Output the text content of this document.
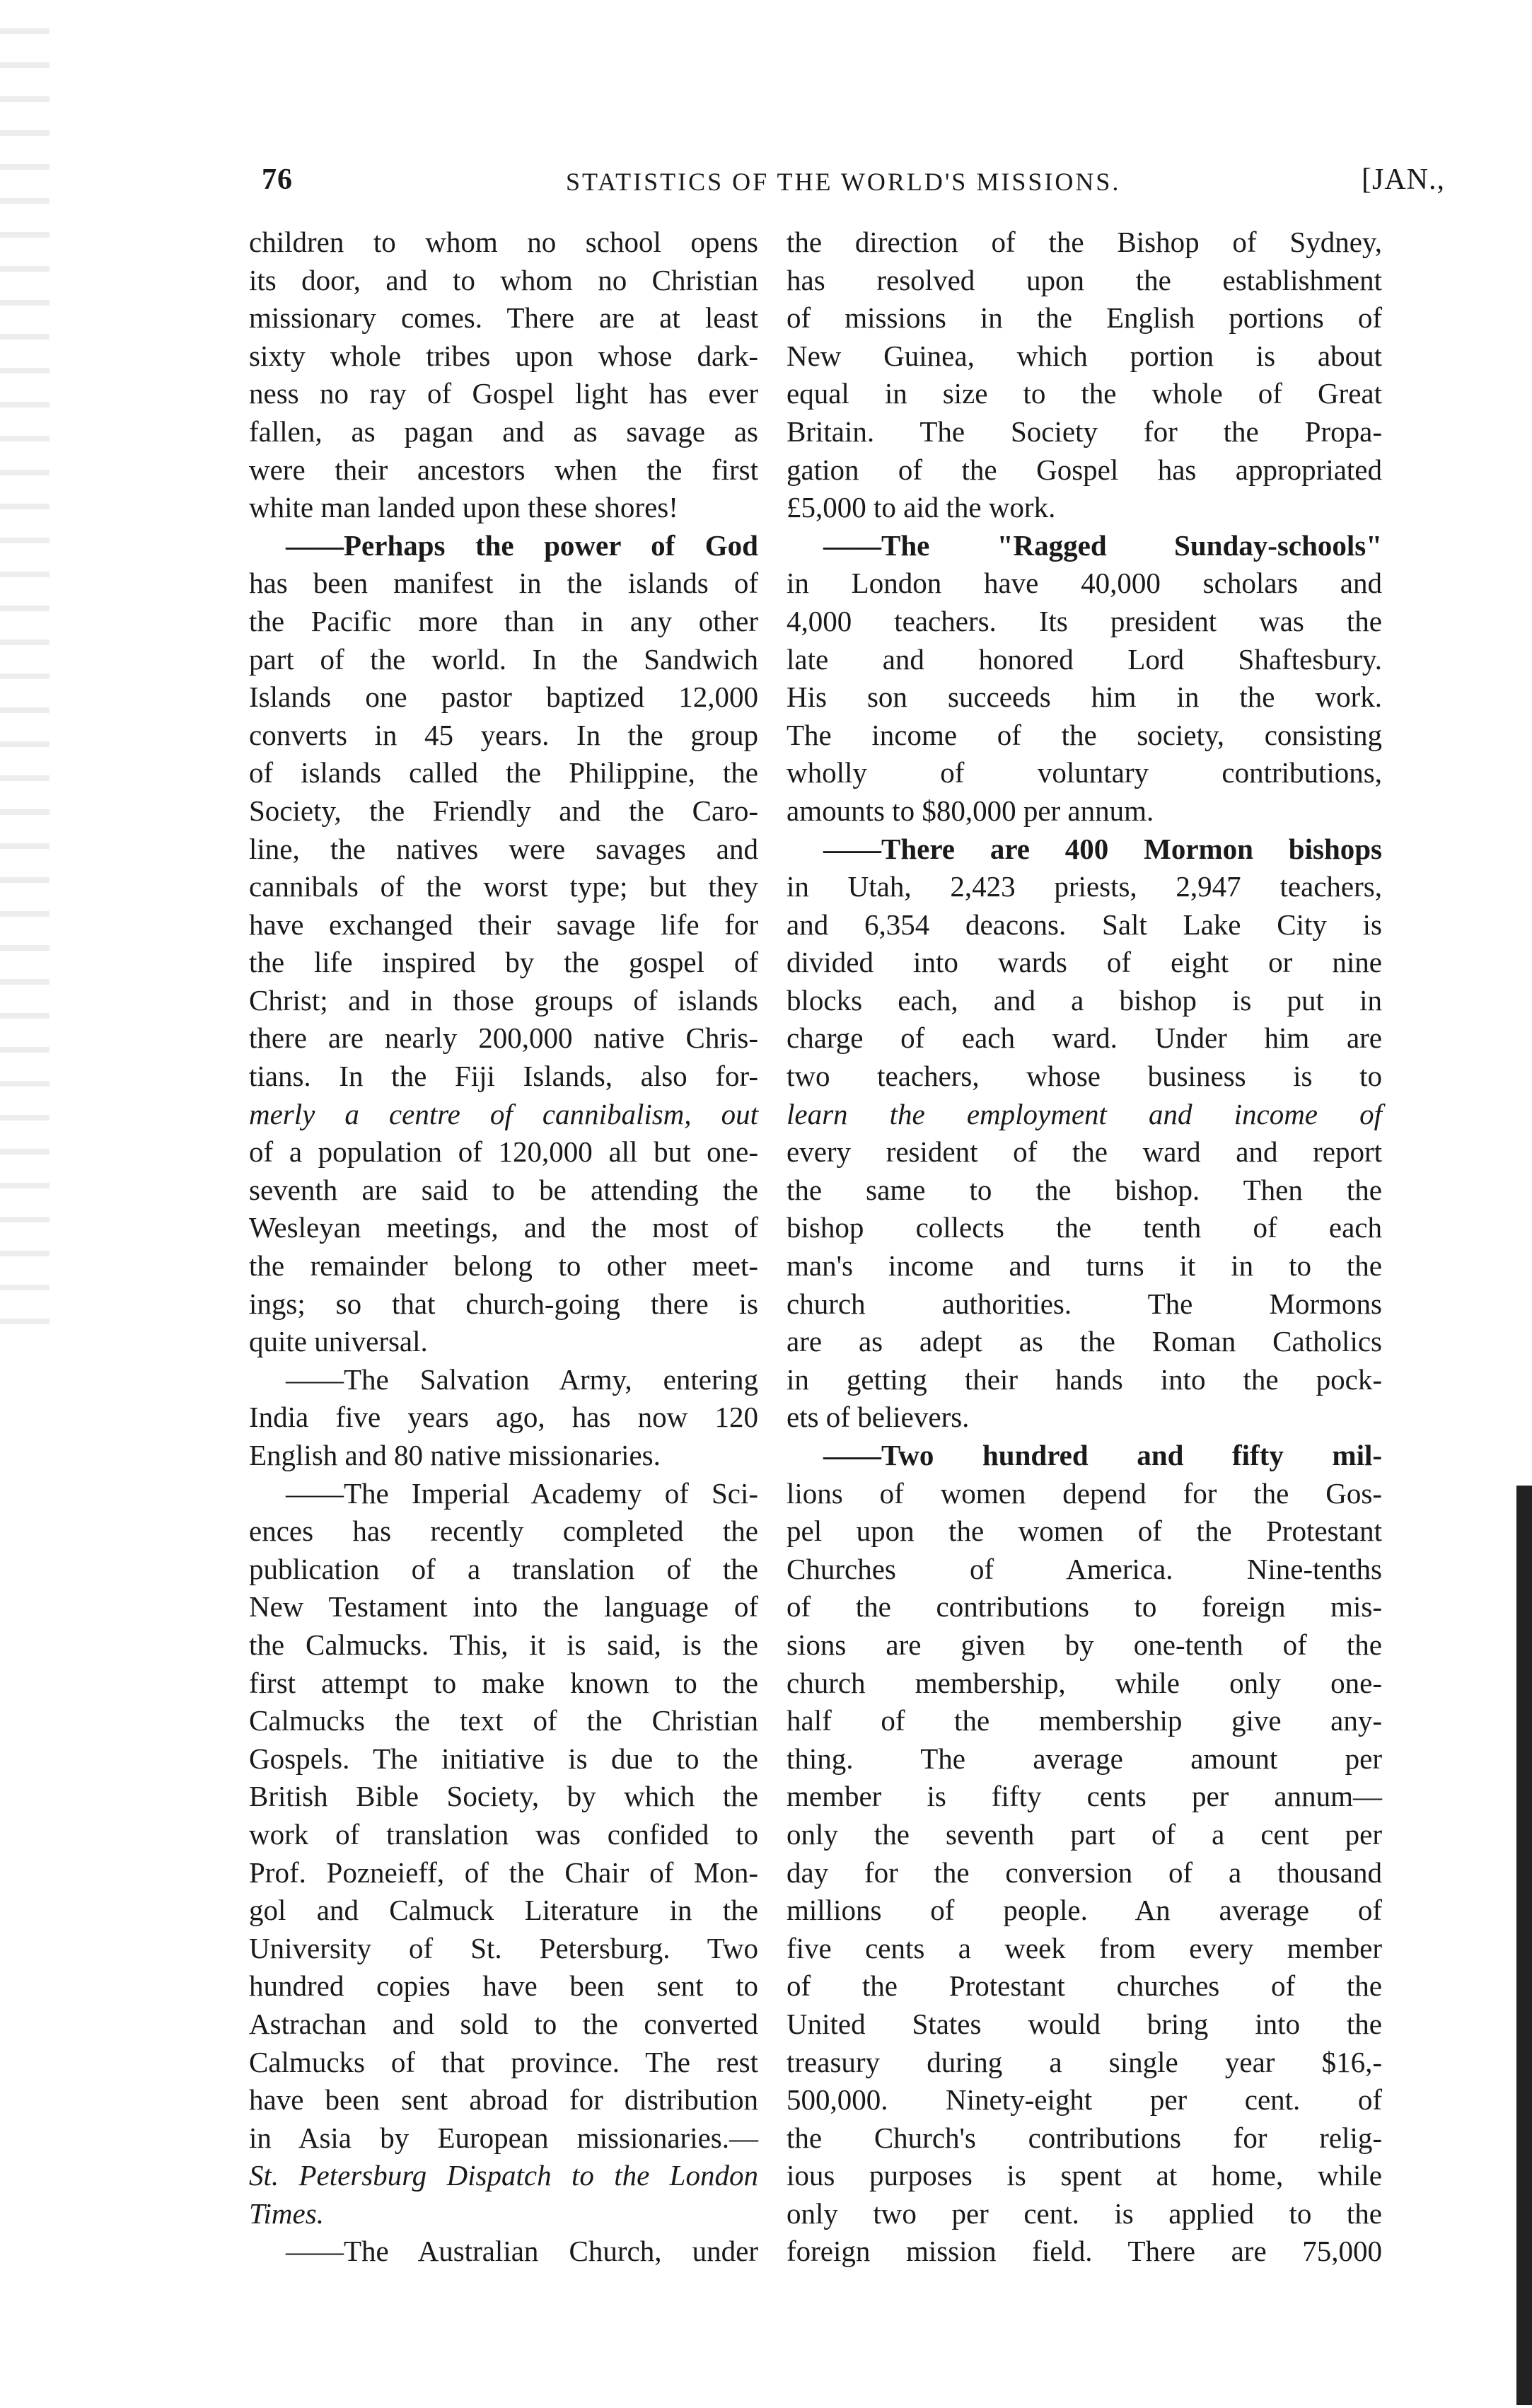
76	STATISTICS OF THE WORLD'S MISSIONS.	[JAN.,
children to whom no school opens
its door, and to whom no Christian
missionary comes. There are at least
sixty whole tribes upon whose dark-
ness no ray of Gospel light has ever
fallen, as pagan and as savage as
were their ancestors when the first
white man landed upon these shores!
——Perhaps the power of God
has been manifest in the islands of
the Pacific more than in any other
part of the world. In the Sandwich
Islands one pastor baptized 12,000
converts in 45 years. In the group
of islands called the Philippine, the
Society, the Friendly and the Caro-
line, the natives were savages and
cannibals of the worst type; but they
have exchanged their savage life for
the life inspired by the gospel of
Christ; and in those groups of islands
there are nearly 200,000 native Chris-
tians. In the Fiji Islands, also for-
merly a centre of cannibalism, out
of a population of 120,000 all but one-
seventh are said to be attending the
Wesleyan meetings, and the most of
the remainder belong to other meet-
ings; so that church-going there is
quite universal.
——The Salvation Army, entering
India five years ago, has now 120
English and 80 native missionaries.
——The Imperial Academy of Sci-
ences has recently completed the
publication of a translation of the
New Testament into the language of
the Calmucks. This, it is said, is the
first attempt to make known to the
Calmucks the text of the Christian
Gospels. The initiative is due to the
British Bible Society, by which the
work of translation was confided to
Prof. Pozneieff, of the Chair of Mon-
gol and Calmuck Literature in the
University of St. Petersburg. Two
hundred copies have been sent to
Astrachan and sold to the converted
Calmucks of that province. The rest
have been sent abroad for distribution
in Asia by European missionaries.—
St. Petersburg Dispatch to the London
Times.
——The Australian Church, under
the direction of the Bishop of Sydney,
has resolved upon the establishment
of missions in the English portions of
New Guinea, which portion is about
equal in size to the whole of Great
Britain. The Society for the Propa-
gation of the Gospel has appropriated
£5,000 to aid the work.
——The "Ragged Sunday-schools"
in London have 40,000 scholars and
4,000 teachers. Its president was the
late and honored Lord Shaftesbury.
His son succeeds him in the work.
The income of the society, consisting
wholly of voluntary contributions,
amounts to $80,000 per annum.
——There are 400 Mormon bishops
in Utah, 2,423 priests, 2,947 teachers,
and 6,354 deacons. Salt Lake City is
divided into wards of eight or nine
blocks each, and a bishop is put in
charge of each ward. Under him are
two teachers, whose business is to
learn the employment and income of
every resident of the ward and report
the same to the bishop. Then the
bishop collects the tenth of each
man's income and turns it in to the
church authorities. The Mormons
are as adept as the Roman Catholics
in getting their hands into the pock-
ets of believers.
——Two hundred and fifty mil-
lions of women depend for the Gos-
pel upon the women of the Protestant
Churches of America. Nine-tenths
of the contributions to foreign mis-
sions are given by one-tenth of the
church membership, while only one-
half of the membership give any-
thing. The average amount per
member is fifty cents per annum—
only the seventh part of a cent per
day for the conversion of a thousand
millions of people. An average of
five cents a week from every member
of the Protestant churches of the
United States would bring into the
treasury during a single year $16,-
500,000. Ninety-eight per cent. of
the Church's contributions for relig-
ious purposes is spent at home, while
only two per cent. is applied to the
foreign mission field. There are 75,000
